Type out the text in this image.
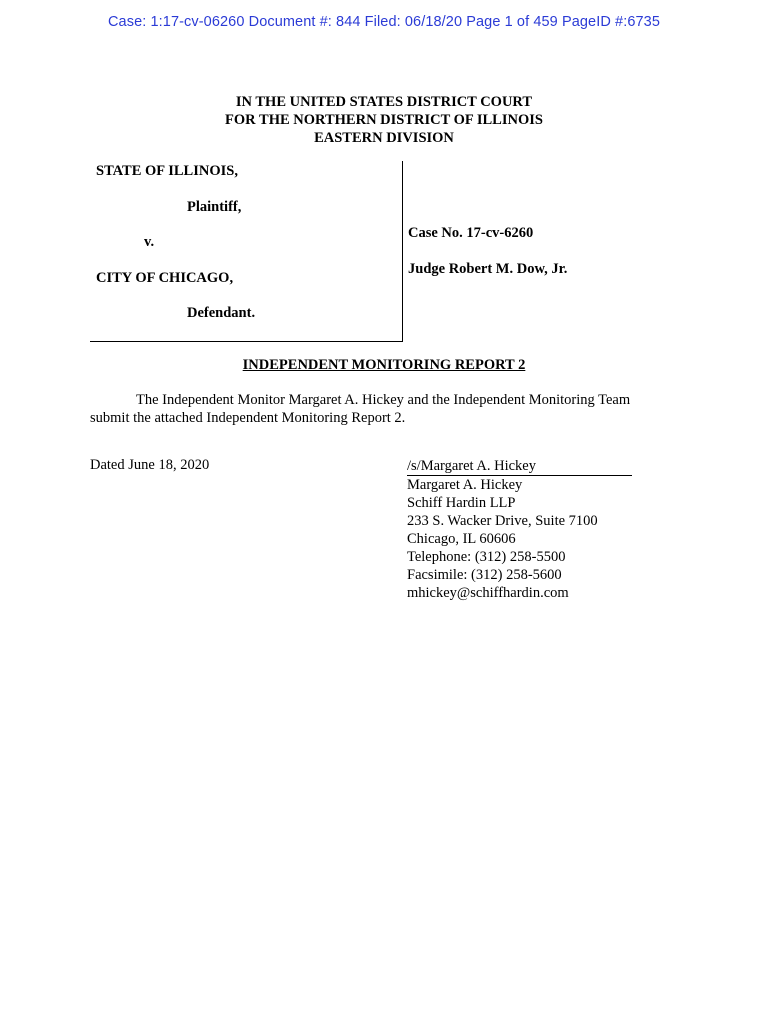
Case: 1:17-cv-06260 Document #: 844 Filed: 06/18/20 Page 1 of 459 PageID #:6735
IN THE UNITED STATES DISTRICT COURT
FOR THE NORTHERN DISTRICT OF ILLINOIS
EASTERN DIVISION
STATE OF ILLINOIS,
Plaintiff,
v.
CITY OF CHICAGO,
Defendant.
Case No. 17-cv-6260
Judge Robert M. Dow, Jr.
INDEPENDENT MONITORING REPORT 2
The Independent Monitor Margaret A. Hickey and the Independent Monitoring Team
submit the attached Independent Monitoring Report 2.
Dated June 18, 2020	/s/Margaret A. Hickey
Margaret A. Hickey
Schiff Hardin LLP
233 S. Wacker Drive, Suite 7100
Chicago, IL 60606
Telephone: (312) 258-5500
Facsimile: (312) 258-5600
mhickey@schiffhardin.com
